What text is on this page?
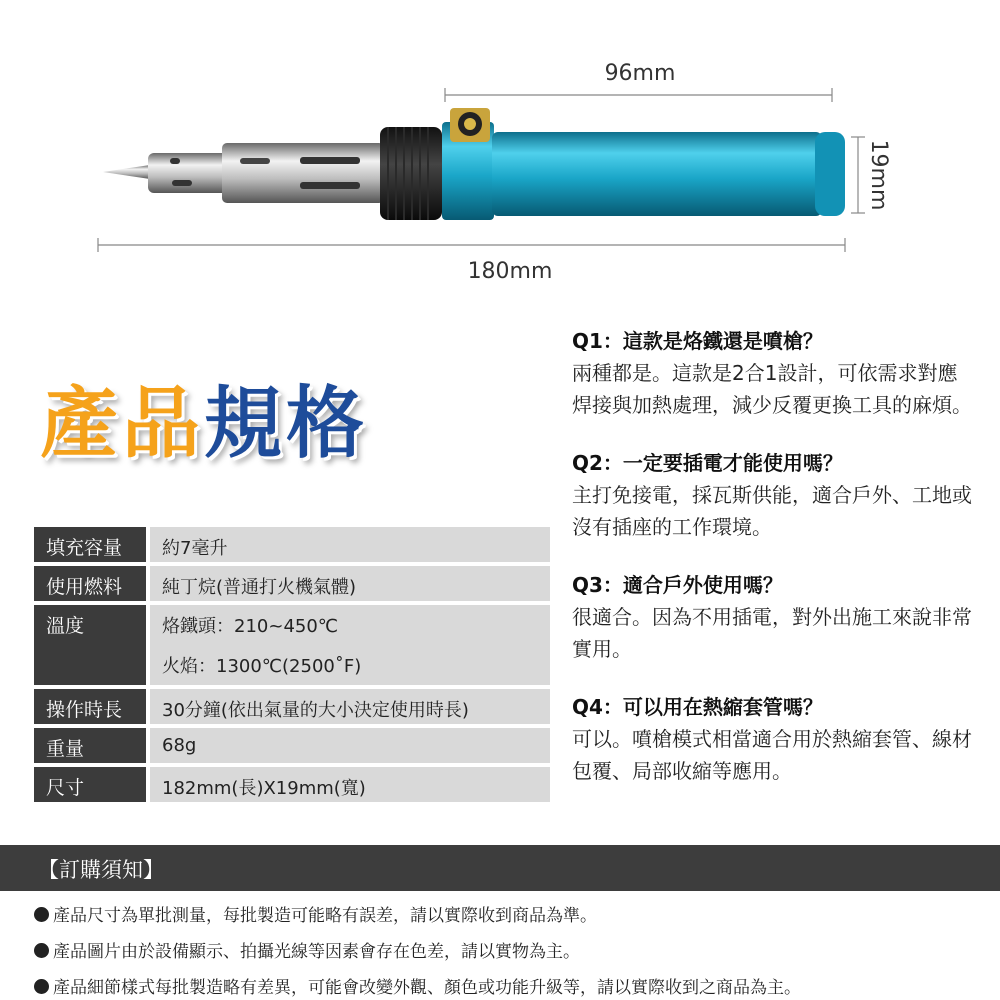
96mm
180mm
19mm
產品規格
填充容量	約7毫升
使用燃料	純丁烷(普通打火機氣體)
溫度	烙鐵頭：210~450℃
火焰：1300℃(2500˚F)
操作時長	30分鐘(依出氣量的大小決定使用時長)
重量	68g
尺寸	182mm(長)X19mm(寬)
Q1：這款是烙鐵還是噴槍？
兩種都是。這款是2合1設計，可依需求對應焊接與加熱處理，減少反覆更換工具的麻煩。
Q2：一定要插電才能使用嗎？
主打免接電，採瓦斯供能，適合戶外、工地或沒有插座的工作環境。
Q3：適合戶外使用嗎？
很適合。因為不用插電，對外出施工來說非常實用。
Q4：可以用在熱縮套管嗎？
可以。噴槍模式相當適合用於熱縮套管、線材包覆、局部收縮等應用。
【訂購須知】
產品尺寸為單批測量，每批製造可能略有誤差，請以實際收到商品為準。
產品圖片由於設備顯示、拍攝光線等因素會存在色差，請以實物為主。
產品細節樣式每批製造略有差異，可能會改變外觀、顏色或功能升級等，請以實際收到之商品為主。
